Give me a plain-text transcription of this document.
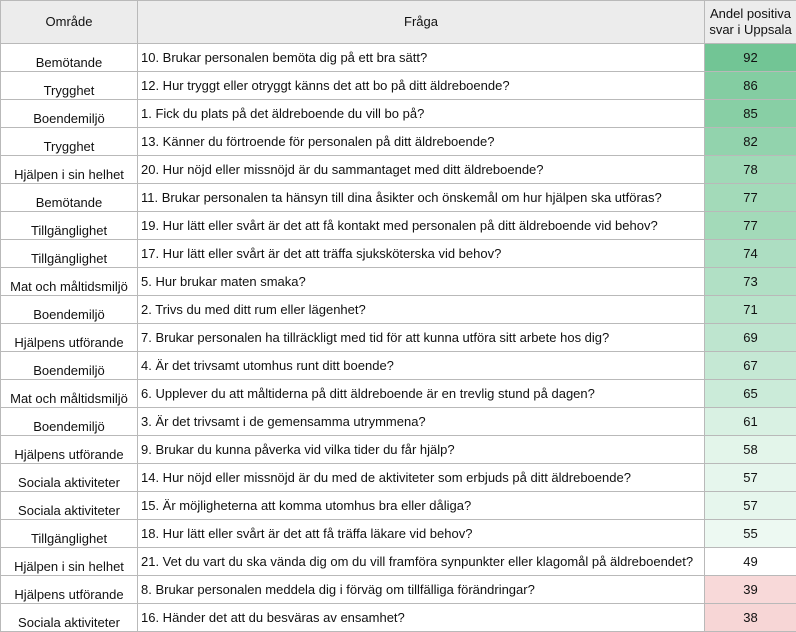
Område	Fråga	Andel positiva
svar i Uppsala

Bemötande	10. Brukar personalen bemöta dig på ett bra sätt?	92
Trygghet	12. Hur tryggt eller otryggt känns det att bo på ditt äldreboende?	86
Boendemiljö	1. Fick du plats på det äldreboende du vill bo på?	85
Trygghet	13. Känner du förtroende för personalen på ditt äldreboende?	82
Hjälpen i sin helhet	20. Hur nöjd eller missnöjd är du sammantaget med ditt äldreboende?	78
Bemötande	11. Brukar personalen ta hänsyn till dina åsikter och önskemål om hur hjälpen ska utföras?	77
Tillgänglighet	19. Hur lätt eller svårt är det att få kontakt med personalen på ditt äldreboende vid behov?	77
Tillgänglighet	17. Hur lätt eller svårt är det att träffa sjuksköterska vid behov?	74
Mat och måltidsmiljö	5. Hur brukar maten smaka?	73
Boendemiljö	2. Trivs du med ditt rum eller lägenhet?	71
Hjälpens utförande	7. Brukar personalen ha tillräckligt med tid för att kunna utföra sitt arbete hos dig?	69
Boendemiljö	4. Är det trivsamt utomhus runt ditt boende?	67
Mat och måltidsmiljö	6. Upplever du att måltiderna på ditt äldreboende är en trevlig stund på dagen?	65
Boendemiljö	3. Är det trivsamt i de gemensamma utrymmena?	61
Hjälpens utförande	9. Brukar du kunna påverka vid vilka tider du får hjälp?	58
Sociala aktiviteter	14. Hur nöjd eller missnöjd är du med de aktiviteter som erbjuds på ditt äldreboende?	57
Sociala aktiviteter	15. Är möjligheterna att komma utomhus bra eller dåliga?	57
Tillgänglighet	18. Hur lätt eller svårt är det att få träffa läkare vid behov?	55
Hjälpen i sin helhet	21. Vet du vart du ska vända dig om du vill framföra synpunkter eller klagomål på äldreboendet?	49
Hjälpens utförande	8. Brukar personalen meddela dig i förväg om tillfälliga förändringar?	39
Sociala aktiviteter	16. Händer det att du besväras av ensamhet?	38
